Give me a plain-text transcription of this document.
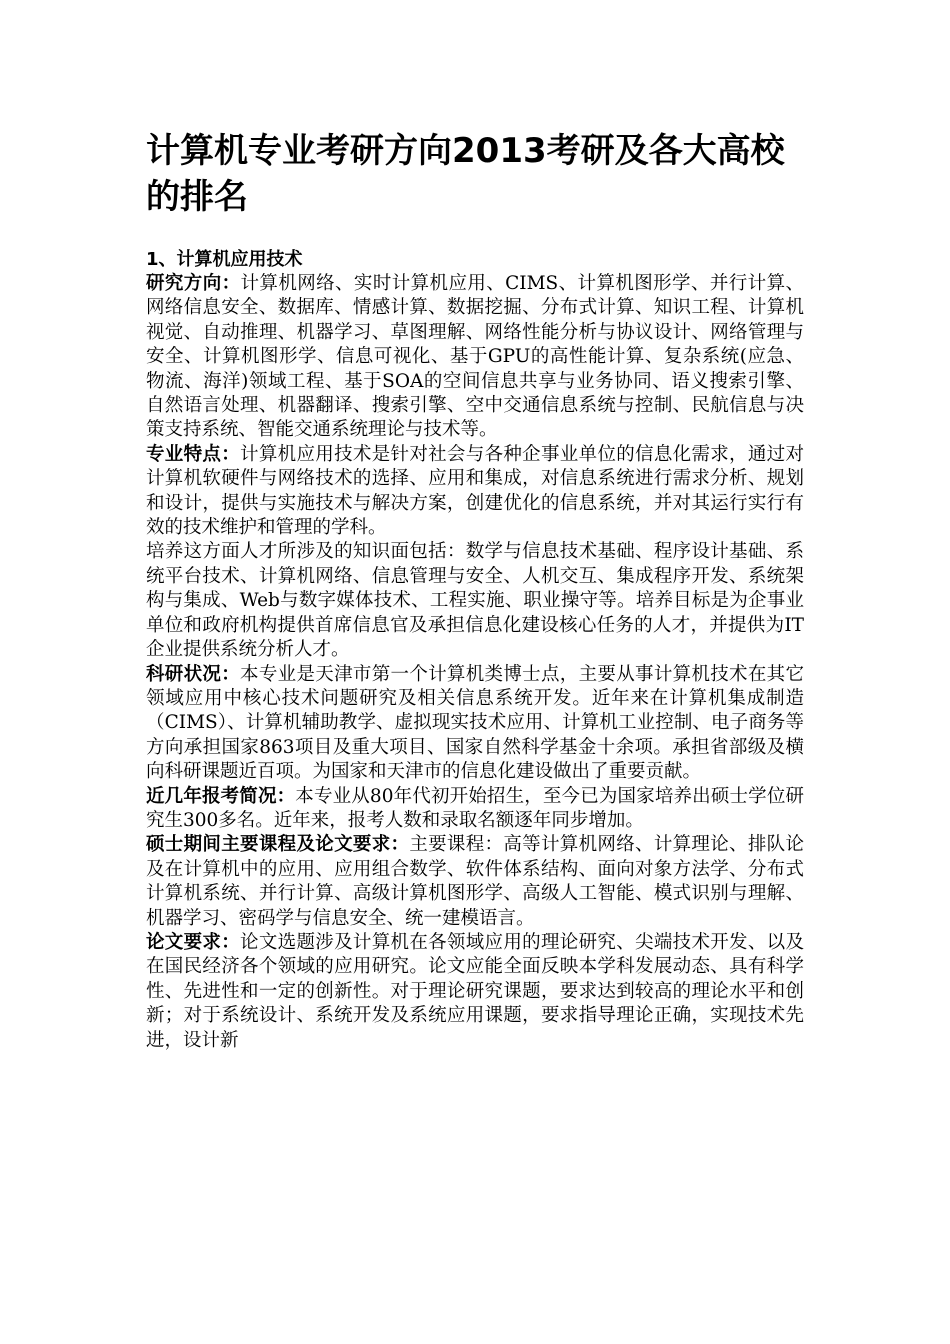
计算机专业考研方向2013考研及各大高校的排名
1、计算机应用技术

研究方向：计算机网络、实时计算机应用、CIMS、计算机图形学、并行计算、网络信息安全、数据库、情感计算、数据挖掘、分布式计算、知识工程、计算机视觉、自动推理、机器学习、草图理解、网络性能分析与协议设计、网络管理与安全、计算机图形学、信息可视化、基于GPU的高性能计算、复杂系统(应急、物流、海洋)领域工程、基于SOA的空间信息共享与业务协同、语义搜索引擎、自然语言处理、机器翻译、搜索引擎、空中交通信息系统与控制、民航信息与决策支持系统、智能交通系统理论与技术等。

专业特点：计算机应用技术是针对社会与各种企事业单位的信息化需求，通过对计算机软硬件与网络技术的选择、应用和集成，对信息系统进行需求分析、规划和设计，提供与实施技术与解决方案，创建优化的信息系统，并对其运行实行有效的技术维护和管理的学科。

培养这方面人才所涉及的知识面包括：数学与信息技术基础、程序设计基础、系统平台技术、计算机网络、信息管理与安全、人机交互、集成程序开发、系统架构与集成、Web与数字媒体技术、工程实施、职业操守等。培养目标是为企事业单位和政府机构提供首席信息官及承担信息化建设核心任务的人才，并提供为IT企业提供系统分析人才。

科研状况：本专业是天津市第一个计算机类博士点，主要从事计算机技术在其它领域应用中核心技术问题研究及相关信息系统开发。近年来在计算机集成制造（CIMS）、计算机辅助教学、虚拟现实技术应用、计算机工业控制、电子商务等方向承担国家863项目及重大项目、国家自然科学基金十余项。承担省部级及横向科研课题近百项。为国家和天津市的信息化建设做出了重要贡献。

近几年报考简况：本专业从80年代初开始招生，至今已为国家培养出硕士学位研究生300多名。近年来，报考人数和录取名额逐年同步增加。

硕士期间主要课程及论文要求：主要课程：高等计算机网络、计算理论、排队论及在计算机中的应用、应用组合数学、软件体系结构、面向对象方法学、分布式计算机系统、并行计算、高级计算机图形学、高级人工智能、模式识别与理解、机器学习、密码学与信息安全、统一建模语言。

论文要求：论文选题涉及计算机在各领域应用的理论研究、尖端技术开发、以及在国民经济各个领域的应用研究。论文应能全面反映本学科发展动态、具有科学性、先进性和一定的创新性。对于理论研究课题，要求达到较高的理论水平和创新；对于系统设计、系统开发及系统应用课题，要求指导理论正确，实现技术先进，设计新
